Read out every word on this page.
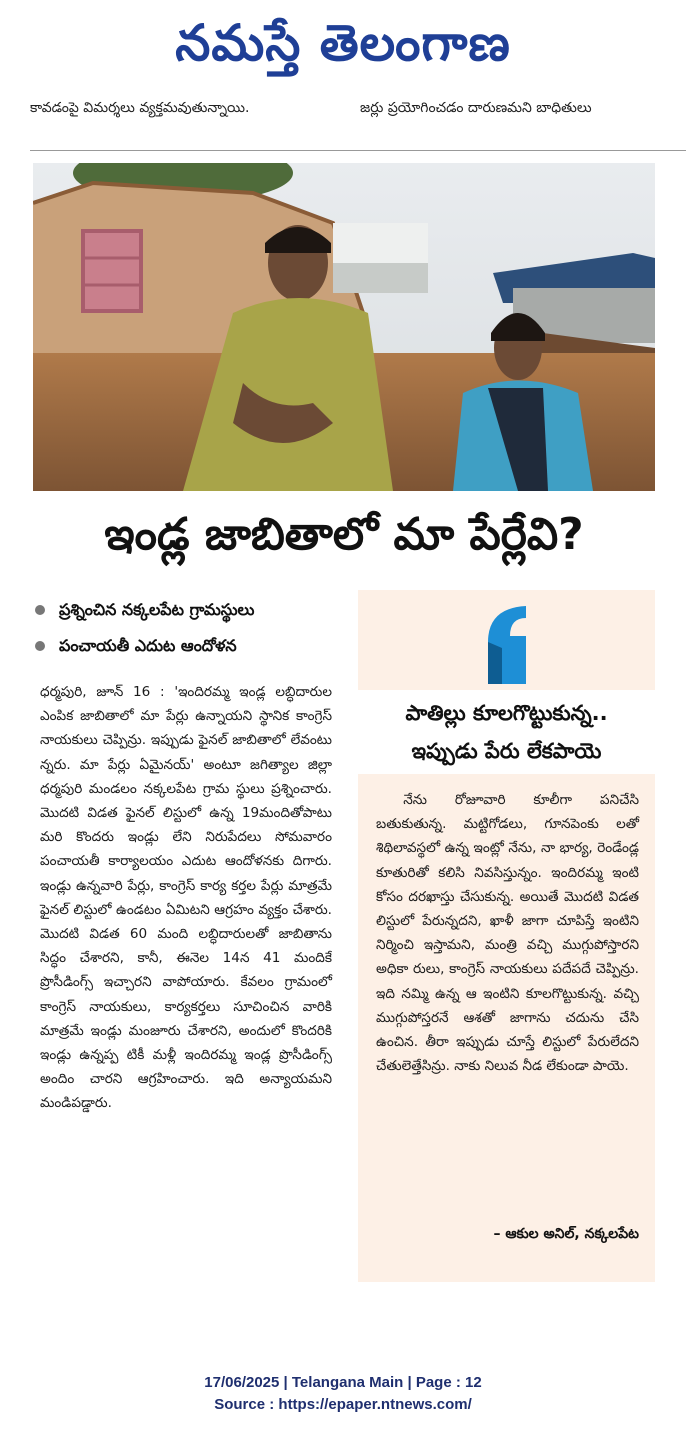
నమస్తే తెలంగాణ
కావడంపై విమర్శలు వ్యక్తమవుతున్నాయి.	జర్లు ప్రయోగించడం దారుణమని బాధితులు
ఇండ్ల జాబితాలో మా పేర్లేవి?
ప్రశ్నించిన నక్కలపేట గ్రామస్థులు
పంచాయతీ ఎదుట ఆందోళన
ధర్మపురి, జూన్ 16 : 'ఇందిరమ్మ ఇండ్ల లబ్ధిదారుల ఎంపిక జాబితాలో మా పేర్లు ఉన్నాయని స్థానిక కాంగ్రెస్ నాయకులు చెప్పిన్రు. ఇప్పుడు ఫైనల్ జాబితాలో లేవంటు న్నరు. మా పేర్లు ఏమైనయ్' అంటూ జగిత్యాల జిల్లా ధర్మపురి మండలం నక్కలపేట గ్రామ స్థులు ప్రశ్నించారు. మొదటి విడత ఫైనల్ లిస్టులో ఉన్న 19మందితోపాటు మరి కొందరు ఇండ్లు లేని నిరుపేదలు సోమవారం పంచాయతీ కార్యాలయం ఎదుట ఆందోళనకు దిగారు. ఇండ్లు ఉన్నవారి పేర్లు, కాంగ్రెస్ కార్య కర్తల పేర్లు మాత్రమే ఫైనల్ లిస్టులో ఉండటం ఏమిటని ఆగ్రహం వ్యక్తం చేశారు. మొదటి విడత 60 మంది లబ్ధిదారులతో జాబితాను సిద్ధం చేశారని, కానీ, ఈనెల 14న 41 మందికే ప్రొసీడింగ్స్ ఇచ్చారని వాపోయారు. కేవలం గ్రామంలో కాంగ్రెస్ నాయకులు, కార్యకర్తలు సూచించిన వారికి మాత్రమే ఇండ్లు మంజూరు చేశారని, అందులో కొందరికి ఇండ్లు ఉన్నప్ప టికీ మళ్లీ ఇందిరమ్మ ఇండ్ల ప్రొసీడింగ్స్ అందిం చారని ఆగ్రహించారు. ఇది అన్యాయమని మండిపడ్డారు.
పాతిల్లు కూలగొట్టుకున్న..
ఇప్పుడు పేరు లేకపాయె
నేను రోజూవారి కూలీగా పనిచేసి బతుకుతున్న. మట్టిగోడలు, గూనపెంకు లతో శిథిలావస్థలో ఉన్న ఇంట్లో నేను, నా భార్య, రెండేండ్ల కూతురితో కలిసి నివసిస్తున్నం. ఇందిరమ్మ ఇంటి కోసం దరఖాస్తు చేసుకున్న. అయితే మొదటి విడత లిస్టులో పేరున్నదని, ఖాళీ జాగా చూపిస్తే ఇంటిని నిర్మించి ఇస్తామని, మంత్రి వచ్చి ముగ్గుపోస్తారని అధికా రులు, కాంగ్రెస్ నాయకులు పదేపదే చెప్పిన్రు. ఇది నమ్మి ఉన్న ఆ ఇంటిని కూలగొట్టుకున్న. వచ్చి ముగ్గుపోస్తరనే ఆశతో జాగాను చదును చేసి ఉంచిన. తీరా ఇప్పుడు చూస్తే లిస్టులో పేరులేదని చేతులెత్తేసిన్రు. నాకు నిలువ నీడ లేకుండా పాయె.
– ఆకుల అనిల్, నక్కలపేట
17/06/2025 | Telangana Main | Page : 12
Source : https://epaper.ntnews.com/
